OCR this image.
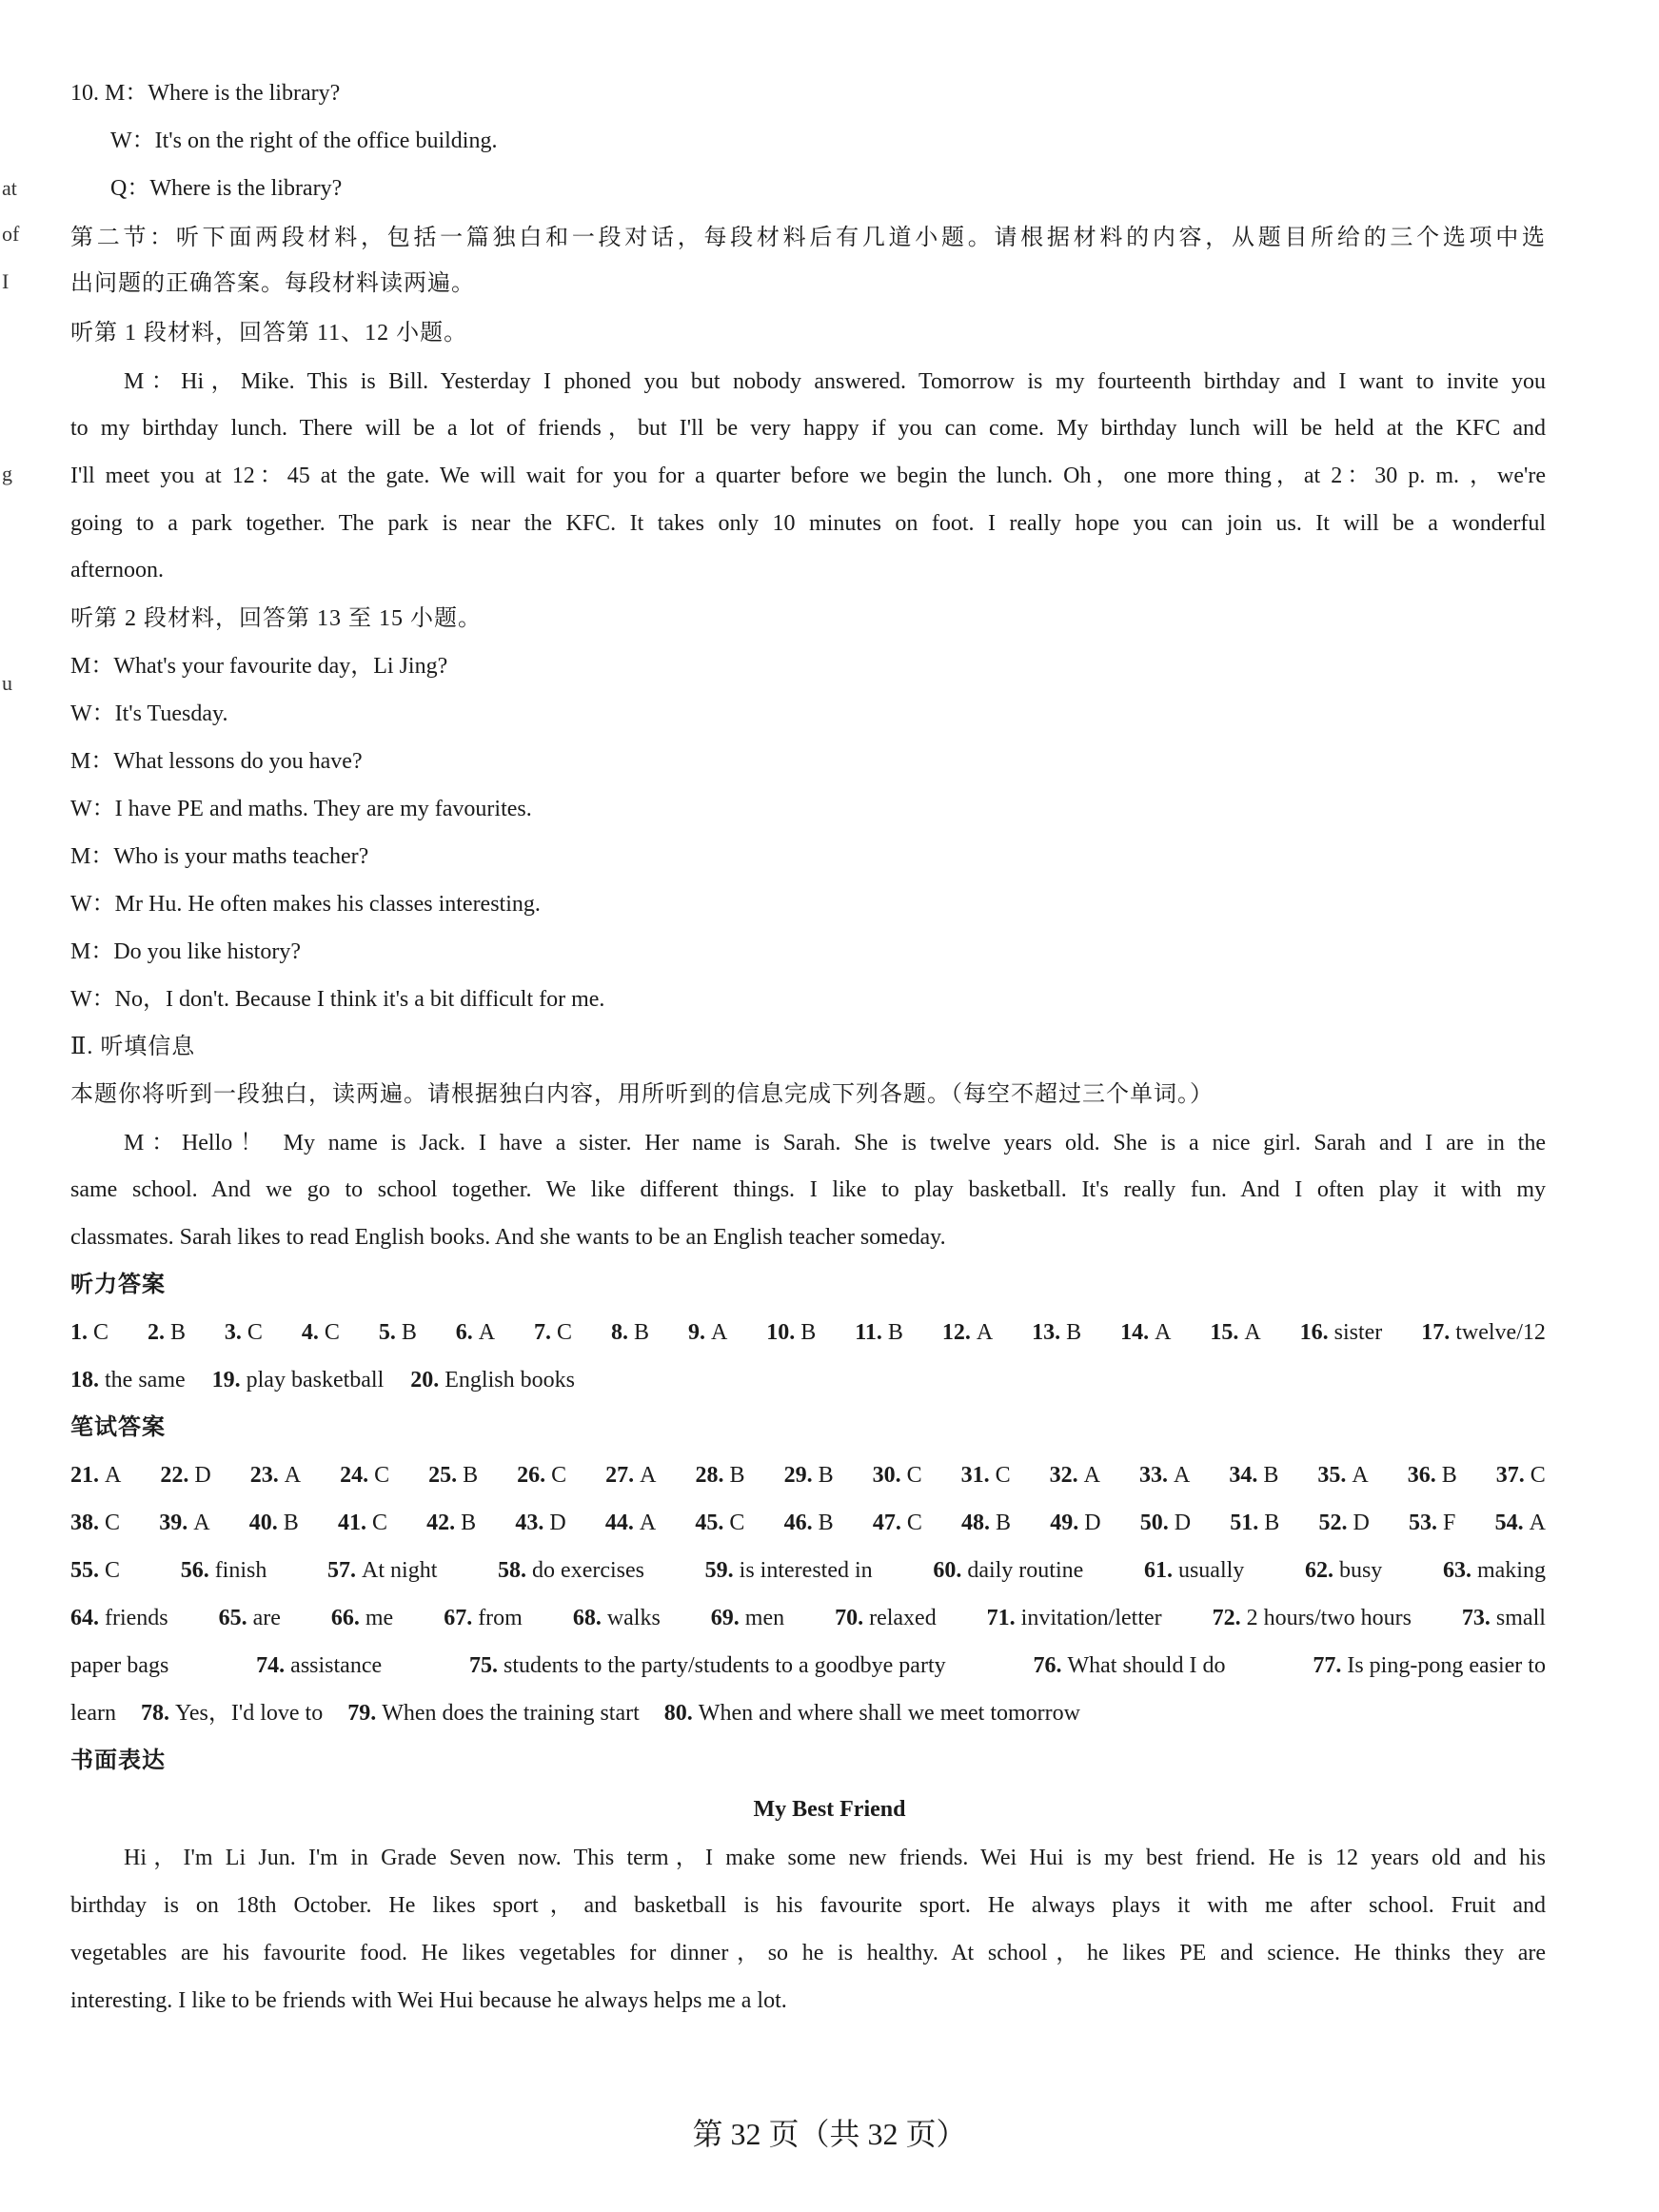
at
of
I
g
u
10. M：Where is the library?
W：It's on the right of the office building.
Q：Where is the library?
第二节：听下面两段材料，包括一篇独白和一段对话，每段材料后有几道小题。请根据材料的内容，从题目所给的三个选项中选
出问题的正确答案。每段材料读两遍。
听第 1 段材料，回答第 11、12 小题。
M：Hi，Mike. This is Bill. Yesterday I phoned you but nobody answered. Tomorrow is my fourteenth birthday and I want to invite you
to my birthday lunch. There will be a lot of friends，but I'll be very happy if you can come. My birthday lunch will be held at the KFC and
I'll meet you at 12：45 at the gate. We will wait for you for a quarter before we begin the lunch. Oh，one more thing，at 2：30 p. m. ，we're
going to a park together. The park is near the KFC. It takes only 10 minutes on foot. I really hope you can join us. It will be a wonderful
afternoon.
听第 2 段材料，回答第 13 至 15 小题。
M：What's your favourite day，Li Jing?
W：It's Tuesday.
M：What lessons do you have?
W：I have PE and maths. They are my favourites.
M：Who is your maths teacher?
W：Mr Hu. He often makes his classes interesting.
M：Do you like history?
W：No，I don't. Because I think it's a bit difficult for me.
Ⅱ. 听填信息
本题你将听到一段独白，读两遍。请根据独白内容，用所听到的信息完成下列各题。（每空不超过三个单词。）
M：Hello！ My name is Jack. I have a sister. Her name is Sarah. She is twelve years old. She is a nice girl. Sarah and I are in the
same school. And we go to school together. We like different things. I like to play basketball. It's really fun. And I often play it with my
classmates. Sarah likes to read English books. And she wants to be an English teacher someday.
听力答案
1. C 2. B 3. C 4. C 5. B 6. A 7. C 8. B 9. A 10. B 11. B 12. A 13. B 14. A 15. A 16. sister 17. twelve/12
18. the same 19. play basketball 20. English books
笔试答案
21. A 22. D 23. A 24. C 25. B 26. C 27. A 28. B 29. B 30. C 31. C 32. A 33. A 34. B 35. A 36. B 37. C
38. C 39. A 40. B 41. C 42. B 43. D 44. A 45. C 46. B 47. C 48. B 49. D 50. D 51. B 52. D 53. F 54. A
55. C	56. finish	57. At night	58. do exercises	59. is interested in	60. daily routine	61. usually	62. busy	63. making
64. friends 65. are 66. me 67. from 68. walks 69. men 70. relaxed 71. invitation/letter 72. 2 hours/two hours 73. small
paper bags	74. assistance	75. students to the party/students to a goodbye party	76. What should I do	77. Is ping-pong easier to
learn 78. Yes，I'd love to 79. When does the training start 80. When and where shall we meet tomorrow
书面表达
My Best Friend
Hi，I'm Li Jun. I'm in Grade Seven now. This term，I make some new friends. Wei Hui is my best friend. He is 12 years old and his
birthday is on 18th October. He likes sport，and basketball is his favourite sport. He always plays it with me after school. Fruit and
vegetables are his favourite food. He likes vegetables for dinner，so he is healthy. At school，he likes PE and science. He thinks they are
interesting. I like to be friends with Wei Hui because he always helps me a lot.
第 32 页（共 32 页）
